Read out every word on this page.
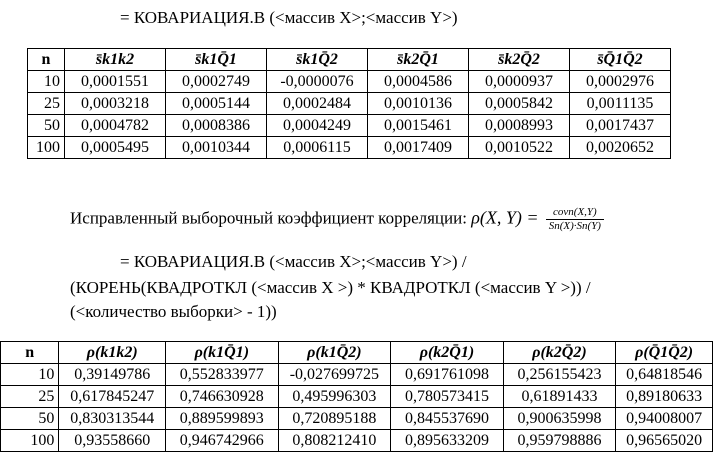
= КОВАРИАЦИЯ.В (<массив X>;<массив Y>)
n	s̄k1k2	s̄k1Q̄1	s̄k1Q̄2	s̄k2Q̄1	s̄k2Q̄2	s̄Q̄1Q̄2
10	0,0001551	0,0002749	-0,0000076	0,0004586	0,0000937	0,0002976
25	0,0003218	0,0005144	0,0002484	0,0010136	0,0005842	0,0011135
50	0,0004782	0,0008386	0,0004249	0,0015461	0,0008993	0,0017437
100	0,0005495	0,0010344	0,0006115	0,0017409	0,0010522	0,0020652
Исправленный выборочный коэффициент корреляции: ρ(X, $Y) = \frac{\text{covn(X,Y)}}{Sn(X)\cdot Sn(Y)}$
= КОВАРИАЦИЯ.В (<массив X>;<массив Y>) /
(КОРЕНЬ(КВАДРОТКЛ (<массив X >) * КВАДРОТКЛ (<массив Y >)) /
(<количество выборки> - 1))
n	ρ(k1k2)	ρ(k1Q̄1)	ρ(k1Q̄2)	ρ(k2Q̄1)	ρ(k2Q̄2)	ρ(Q̄1Q̄2)
10	0,39149786	0,552833977	-0,027699725	0,691761098	0,256155423	0,64818546
25	0,617845247	0,746630928	0,495996303	0,780573415	0,61891433	0,89180633
50	0,830313544	0,889599893	0,720895188	0,845537690	0,900635998	0,94008007
100	0,93558660	0,946742966	0,808212410	0,895633209	0,959798886	0,96565020
